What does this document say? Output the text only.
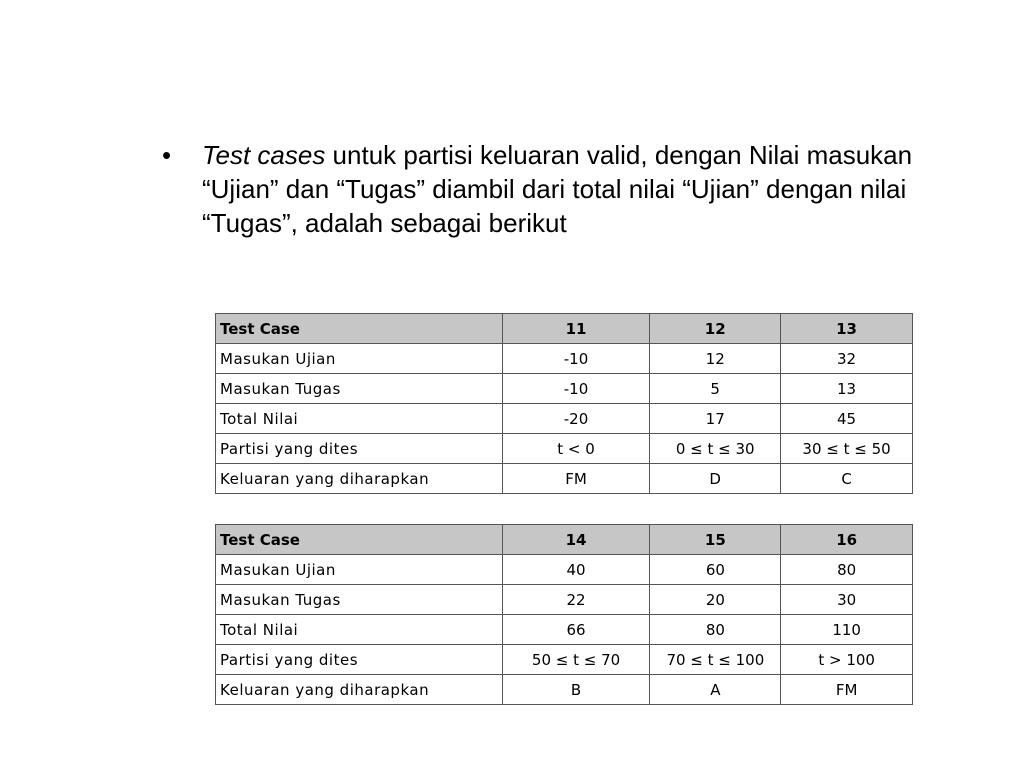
•	Test cases untuk partisi keluaran valid, dengan Nilai masukan “Ujian” dan “Tugas” diambil dari total nilai “Ujian” dengan nilai “Tugas”, adalah sebagai berikut
Test Case	11	12	13
Masukan Ujian	-10	12	32
Masukan Tugas	-10	5	13
Total Nilai	-20	17	45
Partisi yang dites	t < 0	0 ≤ t ≤ 30	30 ≤ t ≤ 50
Keluaran yang diharapkan	FM	D	C
Test Case	14	15	16
Masukan Ujian	40	60	80
Masukan Tugas	22	20	30
Total Nilai	66	80	110
Partisi yang dites	50 ≤ t ≤ 70	70 ≤ t ≤ 100	t > 100
Keluaran yang diharapkan	B	A	FM
